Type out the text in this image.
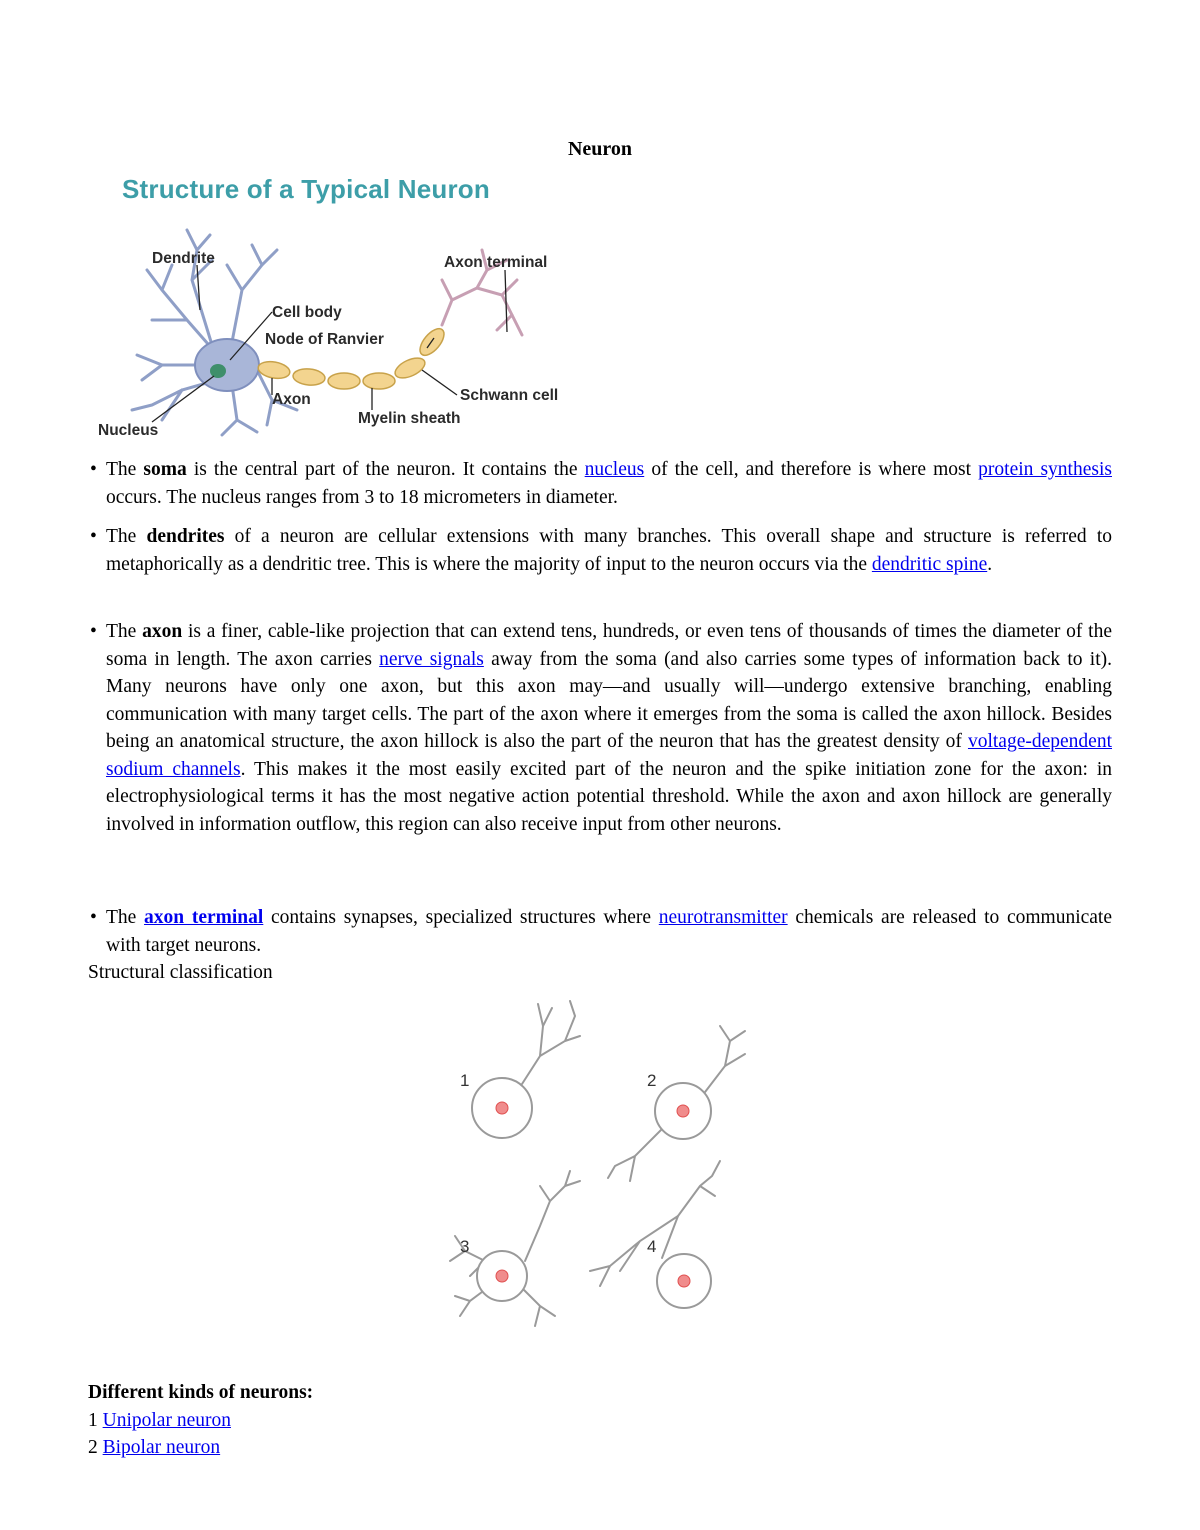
Neuron
Structure of a Typical Neuron
Dendrite	Axon terminal
Cell body
Node of Ranvier
Axon	Schwann cell
Myelin sheath
Nucleus
• The soma is the central part of the neuron. It contains the nucleus of the cell, and therefore is where most protein synthesis occurs. The nucleus ranges from 3 to 18 micrometers in diameter.
• The dendrites of a neuron are cellular extensions with many branches. This overall shape and structure is referred to metaphorically as a dendritic tree. This is where the majority of input to the neuron occurs via the dendritic spine.
• The axon is a finer, cable-like projection that can extend tens, hundreds, or even tens of thousands of times the diameter of the soma in length. The axon carries nerve signals away from the soma (and also carries some types of information back to it). Many neurons have only one axon, but this axon may—and usually will—undergo extensive branching, enabling communication with many target cells. The part of the axon where it emerges from the soma is called the axon hillock. Besides being an anatomical structure, the axon hillock is also the part of the neuron that has the greatest density of voltage-dependent sodium channels. This makes it the most easily excited part of the neuron and the spike initiation zone for the axon: in electrophysiological terms it has the most negative action potential threshold. While the axon and axon hillock are generally involved in information outflow, this region can also receive input from other neurons.
• The axon terminal contains synapses, specialized structures where neurotransmitter chemicals are released to communicate with target neurons.
Structural classification
1	2
3	4
Different kinds of neurons:
1 Unipolar neuron
2 Bipolar neuron
